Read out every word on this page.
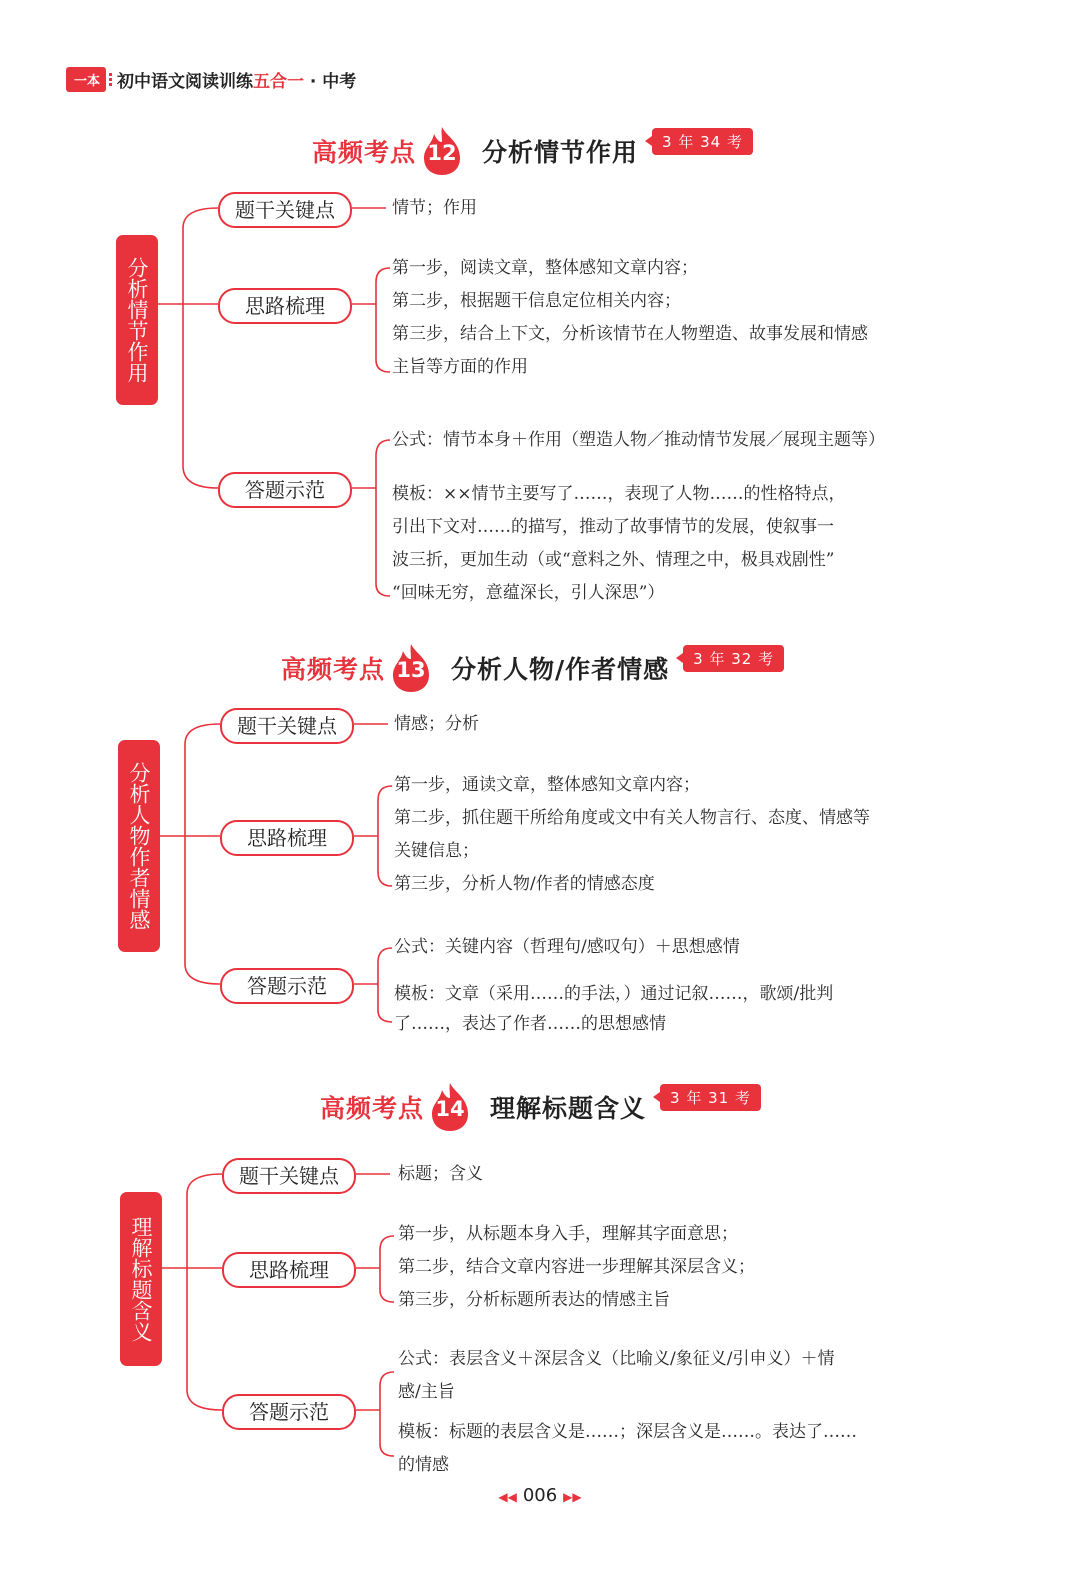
一本	初中语文阅读训练五合一 · 中考
高频考点 12 分析情节作用	3 年 34 考
分析情节作用
题干关键点	情节；作用
思路梳理

第一步，阅读文章，整体感知文章内容；

第二步，根据题干信息定位相关内容；

第三步，结合上下文，分析该情节在人物塑造、故事发展和情感

主旨等方面的作用

答题示范
公式：情节本身＋作用（塑造人物／推动情节发展／展现主题等）

模板：××情节主要写了……，表现了人物……的性格特点，

引出下文对……的描写，推动了故事情节的发展，使叙事一

波三折，更加生动（或“意料之外、情理之中，极具戏剧性”

“回味无穷，意蕴深长，引人深思”）

高频考点 13 分析人物/作者情感	3 年 32 考
分析人物作者情感
题干关键点	情感；分析
思路梳理

第一步，通读文章，整体感知文章内容；

第二步，抓住题干所给角度或文中有关人物言行、态度、情感等

关键信息；

第三步，分析人物/作者的情感态度

答题示范
公式：关键内容（哲理句/感叹句）＋思想感情

模板：文章（采用……的手法，）通过记叙……，歌颂/批判

了……，表达了作者……的思想感情

高频考点 14 理解标题含义	3 年 31 考
理解标题含义
题干关键点	标题；含义
思路梳理

第一步，从标题本身入手，理解其字面意思；

第二步，结合文章内容进一步理解其深层含义；

第三步，分析标题所表达的情感主旨

答题示范

公式：表层含义＋深层含义（比喻义/象征义/引申义）＋情

感/主旨

模板：标题的表层含义是……；深层含义是……。表达了……

的情感

◀◀ 006 ▶▶
